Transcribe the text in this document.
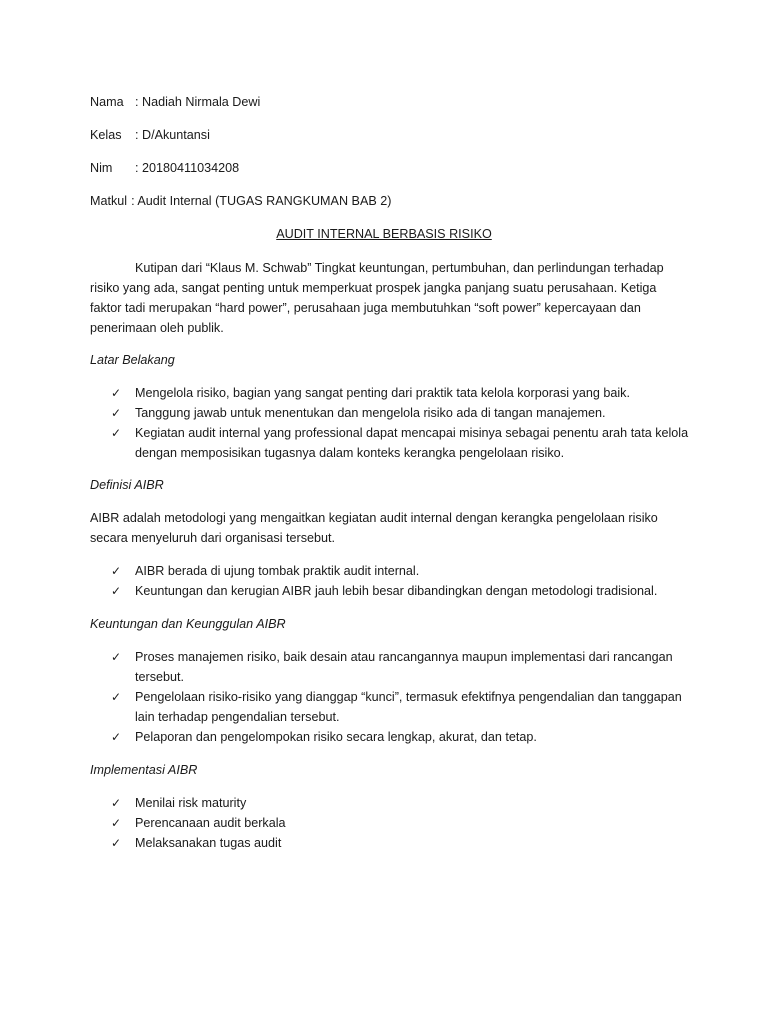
Nama : Nadiah Nirmala Dewi
Kelas : D/Akuntansi
Nim : 20180411034208
Matkul : Audit Internal (TUGAS RANGKUMAN BAB 2)
AUDIT INTERNAL BERBASIS RISIKO

Kutipan dari “Klaus M. Schwab” Tingkat keuntungan, pertumbuhan, dan perlindungan terhadap risiko yang ada, sangat penting untuk memperkuat prospek jangka panjang suatu perusahaan. Ketiga faktor tadi merupakan “hard power”, perusahaan juga membutuhkan “soft power” kepercayaan dan penerimaan oleh publik.

Latar Belakang
✓ Mengelola risiko, bagian yang sangat penting dari praktik tata kelola korporasi yang baik.
✓ Tanggung jawab untuk menentukan dan mengelola risiko ada di tangan manajemen.
✓ Kegiatan audit internal yang professional dapat mencapai misinya sebagai penentu arah tata kelola dengan memposisikan tugasnya dalam konteks kerangka pengelolaan risiko.
Definisi AIBR

AIBR adalah metodologi yang mengaitkan kegiatan audit internal dengan kerangka pengelolaan risiko secara menyeluruh dari organisasi tersebut.

✓ AIBR berada di ujung tombak praktik audit internal.
✓ Keuntungan dan kerugian AIBR jauh lebih besar dibandingkan dengan metodologi tradisional.
Keuntungan dan Keunggulan AIBR
✓ Proses manajemen risiko, baik desain atau rancangannya maupun implementasi dari rancangan tersebut.
✓ Pengelolaan risiko-risiko yang dianggap “kunci”, termasuk efektifnya pengendalian dan tanggapan lain terhadap pengendalian tersebut.
✓ Pelaporan dan pengelompokan risiko secara lengkap, akurat, dan tetap.
Implementasi AIBR
✓ Menilai risk maturity
✓ Perencanaan audit berkala
✓ Melaksanakan tugas audit
